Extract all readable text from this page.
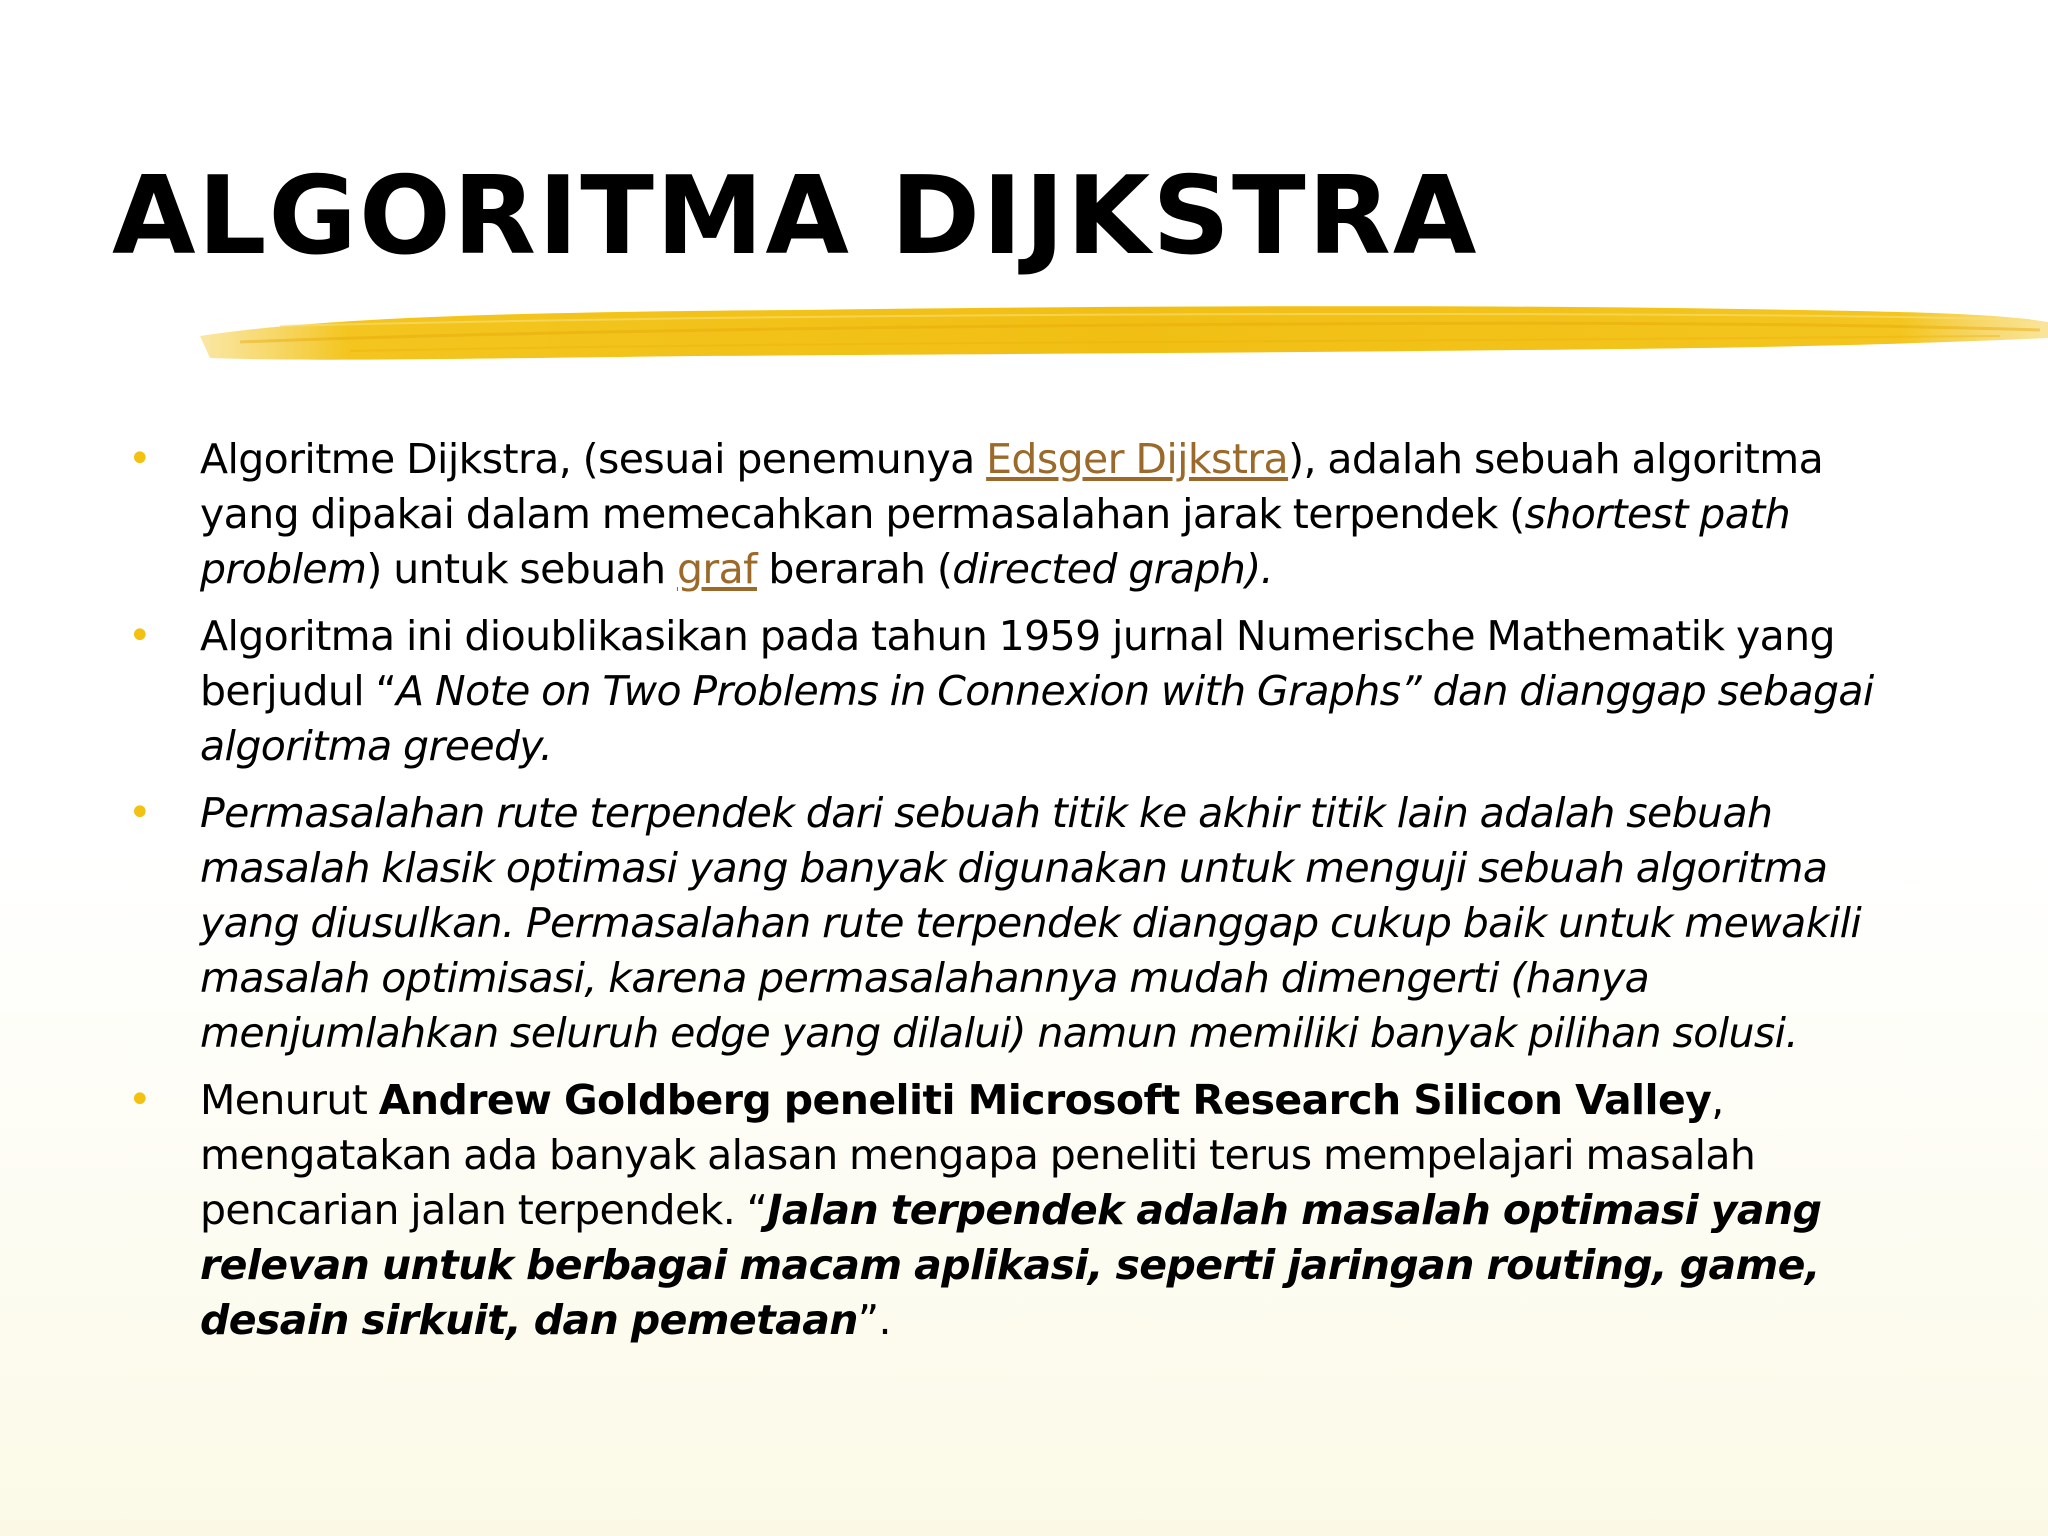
ALGORITMA DIJKSTRA
•	Algoritme Dijkstra, (sesuai penemunya Edsger Dijkstra), adalah sebuah algoritma yang dipakai dalam memecahkan permasalahan jarak terpendek (shortest path problem) untuk sebuah graf berarah (directed graph).
•	Algoritma ini dioublikasikan pada tahun 1959 jurnal Numerische Mathematik yang berjudul “A Note on Two Problems in Connexion with Graphs” dan dianggap sebagai algoritma greedy.
•	Permasalahan rute terpendek dari sebuah titik ke akhir titik lain adalah sebuah masalah klasik optimasi yang banyak digunakan untuk menguji sebuah algoritma yang diusulkan. Permasalahan rute terpendek dianggap cukup baik untuk mewakili masalah optimisasi, karena permasalahannya mudah dimengerti (hanya menjumlahkan seluruh edge yang dilalui) namun memiliki banyak pilihan solusi.
•	Menurut Andrew Goldberg peneliti Microsoft Research Silicon Valley, mengatakan ada banyak alasan mengapa peneliti terus mempelajari masalah pencarian jalan terpendek. “Jalan terpendek adalah masalah optimasi yang relevan untuk berbagai macam aplikasi, seperti jaringan routing, game, desain sirkuit, dan pemetaan”.
